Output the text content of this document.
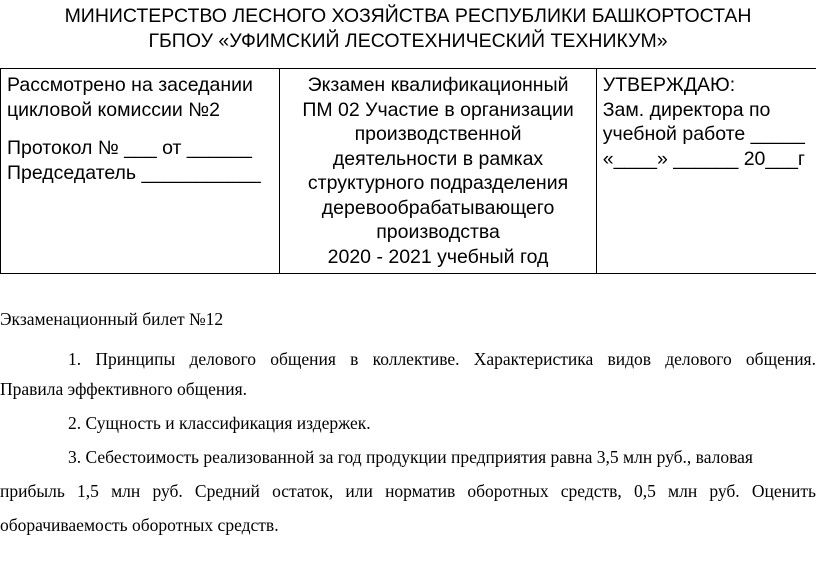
МИНИСТЕРСТВО ЛЕСНОГО ХОЗЯЙСТВА РЕСПУБЛИКИ БАШКОРТОСТАН
ГБПОУ «УФИМСКИЙ ЛЕСОТЕХНИЧЕСКИЙ ТЕХНИКУМ»
Рассмотрено на заседании
цикловой комиссии №2
Протокол № ___ от ______
Председатель ___________

Экзамен квалификационный
ПМ 02 Участие в организации
производственной
деятельности в рамках
структурного подразделения
деревообрабатывающего
производства
2020 - 2021 учебный год

УТВЕРЖДАЮ:
Зам. директора по
учебной работе _____
«____» ______ 20___г
Экзаменационный билет №12

1. Принципы делового общения в коллективе. Характеристика видов делового общения.

Правила эффективного общения.

2. Сущность и классификация издержек.

3. Себестоимость реализованной за год продукции предприятия равна 3,5 млн руб., валовая

прибыль 1,5 млн руб. Средний остаток, или норматив оборотных средств, 0,5 млн руб. Оценить

оборачиваемость оборотных средств.
